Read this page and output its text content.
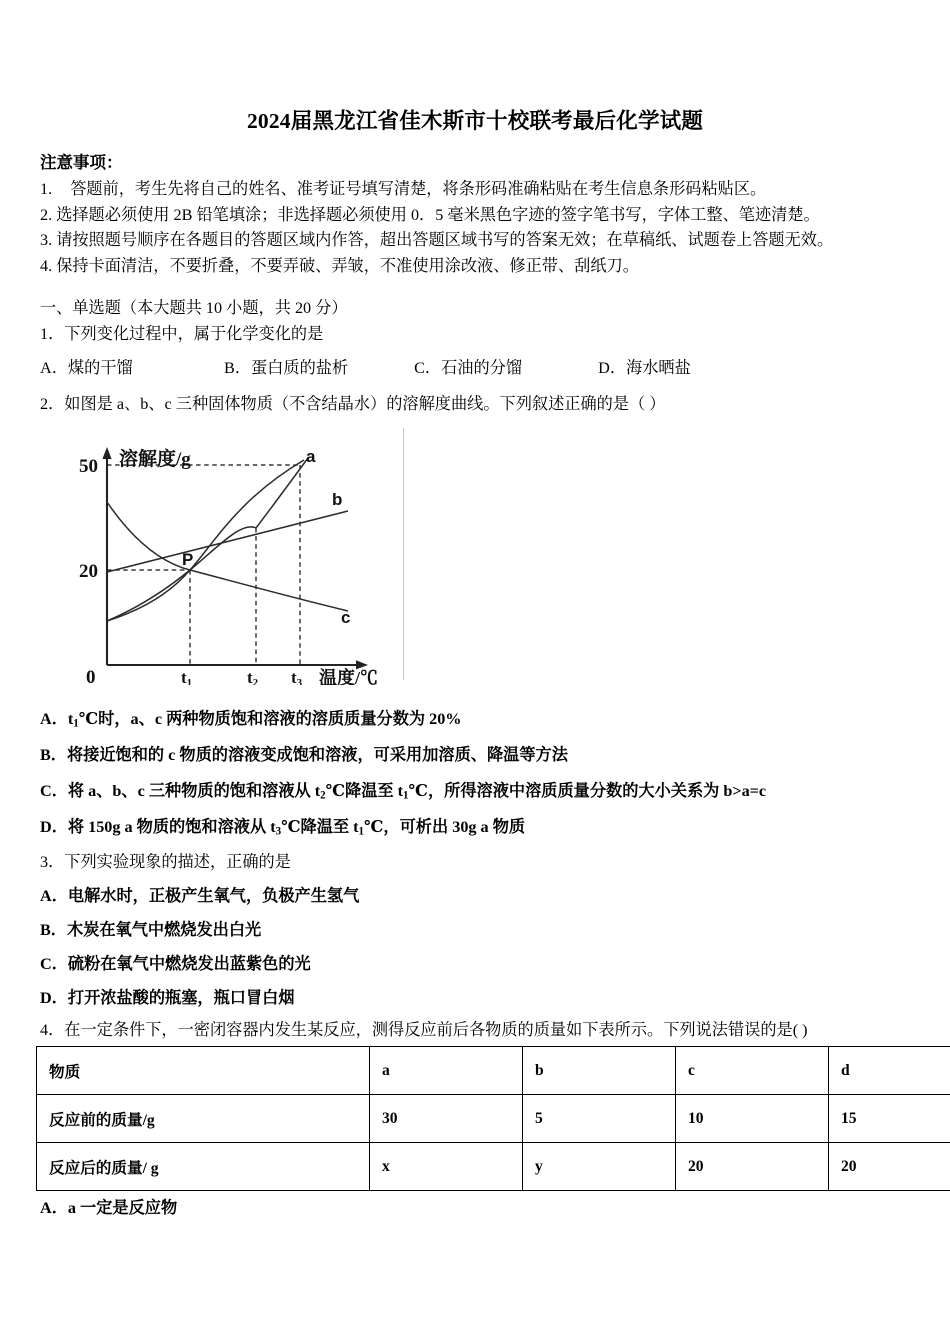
2024届黑龙江省佳木斯市十校联考最后化学试题
注意事项：
1. 答题前，考生先将自己的姓名、准考证号填写清楚，将条形码准确粘贴在考生信息条形码粘贴区。
2. 选择题必须使用 2B 铅笔填涂；非选择题必须使用 0．5 毫米黑色字迹的签字笔书写，字体工整、笔迹清楚。
3. 请按照题号顺序在各题目的答题区域内作答，超出答题区域书写的答案无效；在草稿纸、试题卷上答题无效。
4. 保持卡面清洁，不要折叠，不要弄破、弄皱，不准使用涂改液、修正带、刮纸刀。
一、单选题（本大题共 10 小题，共 20 分）
1．下列变化过程中，属于化学变化的是
A．煤的干馏	B．蛋白质的盐析	C．石油的分馏	D．海水晒盐
2．如图是 a、b、c 三种固体物质（不含结晶水）的溶解度曲线。下列叙述正确的是（ ）
溶解度/g
50
20
0	t1	t2 t3 温度/℃
a
b
c
P
A．$t_1℃$时，a、c 两种物质饱和溶液的溶质质量分数为 20%
B．将接近饱和的 c 物质的溶液变成饱和溶液，可采用加溶质、降温等方法
C．将 a、b、c 三种物质的饱和溶液从 $t_2℃$降温至 $t_1℃$，所得溶液中溶质质量分数的大小关系为 b>a=c
D．将 150g a 物质的饱和溶液从 $t_3℃$降温至 $t_1℃$，可析出 30g a 物质
3．下列实验现象的描述，正确的是
A．电解水时，正极产生氧气，负极产生氢气
B．木炭在氧气中燃烧发出白光
C．硫粉在氧气中燃烧发出蓝紫色的光
D．打开浓盐酸的瓶塞，瓶口冒白烟
4．在一定条件下，一密闭容器内发生某反应，测得反应前后各物质的质量如下表所示。下列说法错误的是( )
物质	a	b	c	d
反应前的质量/g	30	5	10	15
反应后的质量/ g	x	y	20	20
A．a 一定是反应物
